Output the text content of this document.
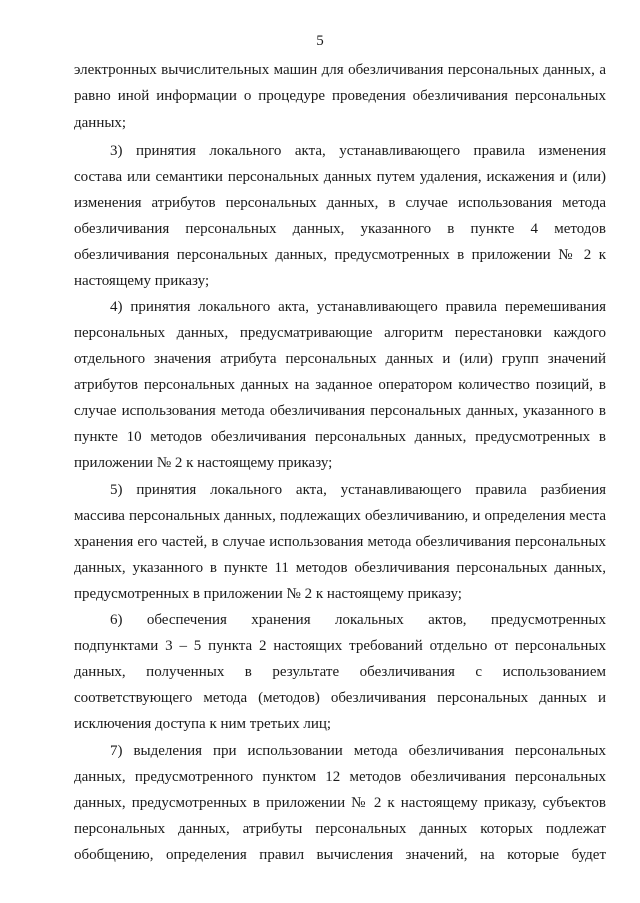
5
электронных вычислительных машин для обезличивания персональных данных, а
равно иной информации о процедуре проведения обезличивания персональных
данных;
3) принятия локального акта, устанавливающего правила изменения
состава или семантики персональных данных путем удаления, искажения и (или)
изменения атрибутов персональных данных, в случае использования метода
обезличивания персональных данных, указанного в пункте 4 методов
обезличивания персональных данных, предусмотренных в приложении № 2 к
настоящему приказу;
4) принятия локального акта, устанавливающего правила перемешивания
персональных данных, предусматривающие алгоритм перестановки каждого
отдельного значения атрибута персональных данных и (или) групп значений
атрибутов персональных данных на заданное оператором количество позиций, в
случае использования метода обезличивания персональных данных, указанного в
пункте 10 методов обезличивания персональных данных, предусмотренных в
приложении № 2 к настоящему приказу;
5) принятия локального акта, устанавливающего правила разбиения
массива персональных данных, подлежащих обезличиванию, и определения места
хранения его частей, в случае использования метода обезличивания персональных
данных, указанного в пункте 11 методов обезличивания персональных данных,
предусмотренных в приложении № 2 к настоящему приказу;
6) обеспечения хранения локальных актов, предусмотренных
подпунктами 3 – 5 пункта 2 настоящих требований отдельно от персональных
данных, полученных в результате обезличивания с использованием
соответствующего метода (методов) обезличивания персональных данных и
исключения доступа к ним третьих лиц;
7) выделения при использовании метода обезличивания персональных
данных, предусмотренного пунктом 12 методов обезличивания персональных
данных, предусмотренных в приложении № 2 к настоящему приказу, субъектов
персональных данных, атрибуты персональных данных которых подлежат
обобщению, определения правил вычисления значений, на которые будет
